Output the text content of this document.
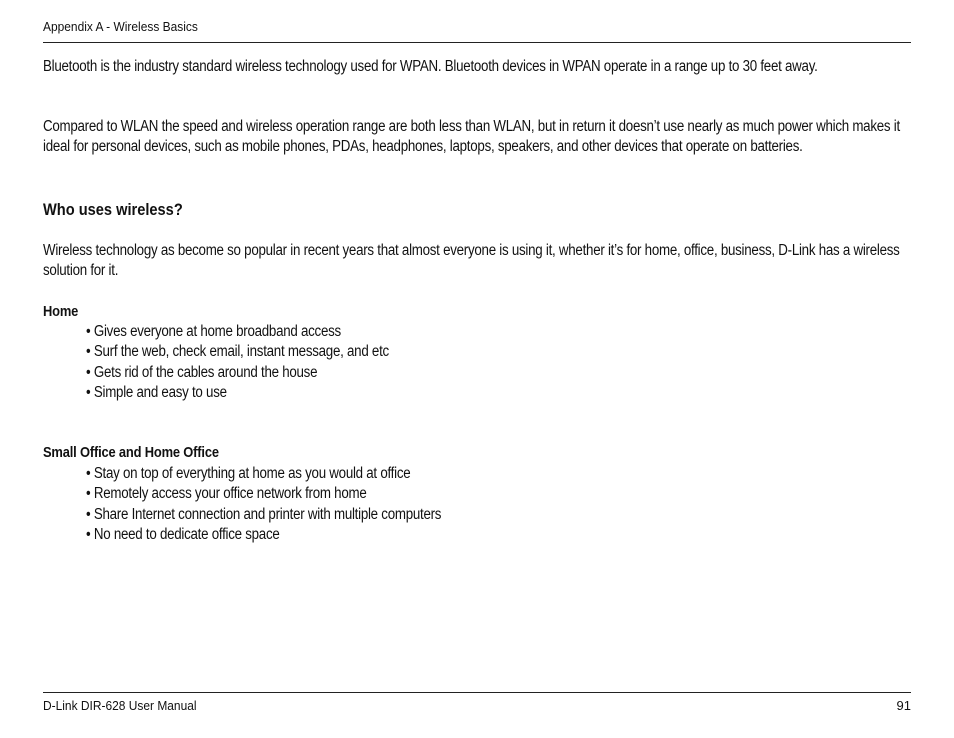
Appendix A - Wireless Basics
Bluetooth is the industry standard wireless technology used for WPAN. Bluetooth devices in WPAN operate in a range up to 30 feet away.
Compared to WLAN the speed and wireless operation range are both less than WLAN, but in return it doesn’t use nearly as much power which makes it ideal for personal devices, such as mobile phones, PDAs, headphones, laptops, speakers, and other devices that operate on batteries.
Who uses wireless?
Wireless technology as become so popular in recent years that almost everyone is using it, whether it’s for home, office, business, D-Link has a wireless solution for it.
Home
• Gives everyone at home broadband access
• Surf the web, check email, instant message, and etc
• Gets rid of the cables around the house
• Simple and easy to use
Small Office and Home Office
• Stay on top of everything at home as you would at office
• Remotely access your office network from home
• Share Internet connection and printer with multiple computers
• No need to dedicate office space
D-Link DIR-628 User Manual	91
